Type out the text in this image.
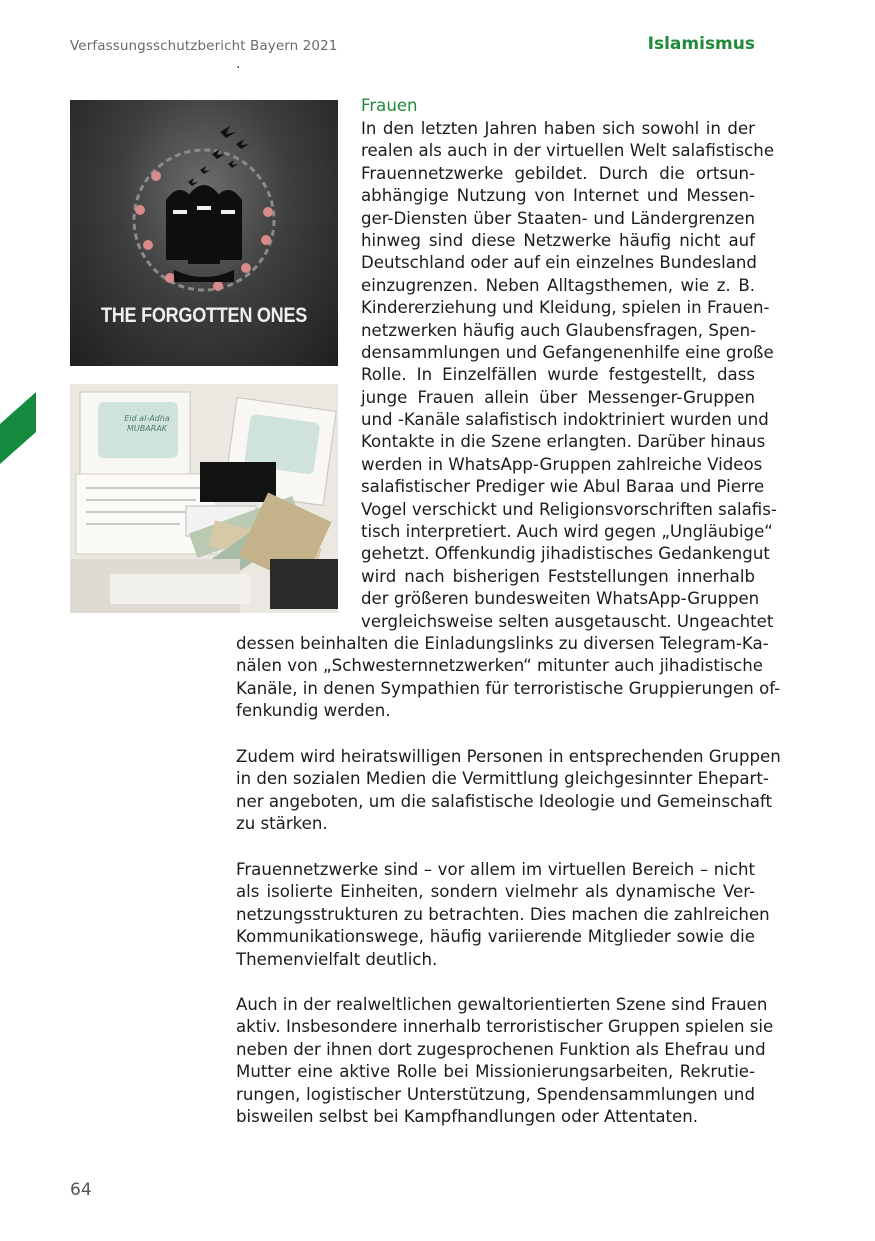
Verfassungsschutzbericht Bayern 2021	Islamismus
.
THE FORGOTTEN ONES
Eid al-Adha MUBARAK
Frauen
In den letzten Jahren haben sich sowohl in der
realen als auch in der virtuellen Welt salafistische
Frauennetzwerke gebildet. Durch die ortsun-
abhängige Nutzung von Internet und Messen-
ger-Diensten über Staaten- und Ländergrenzen
hinweg sind diese Netzwerke häufig nicht auf
Deutschland oder auf ein einzelnes Bundesland
einzugrenzen. Neben Alltagsthemen, wie z. B.
Kindererziehung und Kleidung, spielen in Frauen-
netzwerken häufig auch Glaubensfragen, Spen-
densammlungen und Gefangenenhilfe eine große
Rolle. In Einzelfällen wurde festgestellt, dass
junge Frauen allein über Messenger-Gruppen
und -Kanäle salafistisch indoktriniert wurden und
Kontakte in die Szene erlangten. Darüber hinaus
werden in WhatsApp-Gruppen zahlreiche Videos
salafistischer Prediger wie Abul Baraa und Pierre
Vogel verschickt und Religionsvorschriften salafis-
tisch interpretiert. Auch wird gegen „Ungläubige“
gehetzt. Offenkundig jihadistisches Gedankengut
wird nach bisherigen Feststellungen innerhalb
der größeren bundesweiten WhatsApp-Gruppen
vergleichsweise selten ausgetauscht. Ungeachtet
dessen beinhalten die Einladungslinks zu diversen Telegram-Ka-
nälen von „Schwesternnetzwerken“ mitunter auch jihadistische
Kanäle, in denen Sympathien für terroristische Gruppierungen of-
fenkundig werden.
Zudem wird heiratswilligen Personen in entsprechenden Gruppen
in den sozialen Medien die Vermittlung gleichgesinnter Ehepart-
ner angeboten, um die salafistische Ideologie und Gemeinschaft
zu stärken.
Frauennetzwerke sind – vor allem im virtuellen Bereich – nicht
als isolierte Einheiten, sondern vielmehr als dynamische Ver-
netzungsstrukturen zu betrachten. Dies machen die zahlreichen
Kommunikationswege, häufig variierende Mitglieder sowie die
Themenvielfalt deutlich.
Auch in der realweltlichen gewaltorientierten Szene sind Frauen
aktiv. Insbesondere innerhalb terroristischer Gruppen spielen sie
neben der ihnen dort zugesprochenen Funktion als Ehefrau und
Mutter eine aktive Rolle bei Missionierungsarbeiten, Rekrutie-
rungen, logistischer Unterstützung, Spendensammlungen und
bisweilen selbst bei Kampfhandlungen oder Attentaten.
64
